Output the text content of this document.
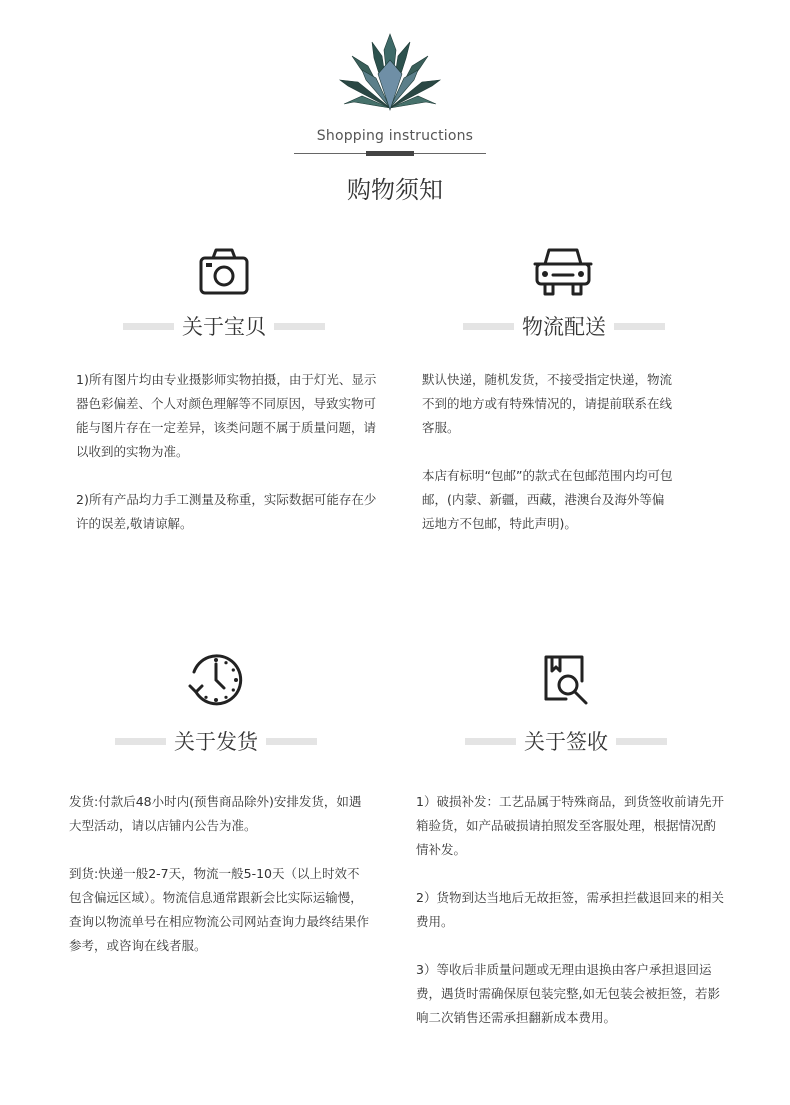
Shopping instructions
购物须知
关于宝贝

1)所有图片均由专业摄影师实物拍摄，由于灯光、显示器色彩偏差、个人对颜色理解等不同原因，导致实物可能与图片存在一定差异，该类问题不属于质量问题，请以收到的实物为准。

2)所有产品均力手工测量及称重，实际数据可能存在少许的误差,敬请谅解。

物流配送

默认快递，随机发货，不接受指定快递，物流不到的地方或有特殊情况的，请提前联系在线客服。

本店有标明“包邮”的款式在包邮范围内均可包邮，(内蒙、新疆，西藏，港澳台及海外等偏远地方不包邮，特此声明)。

关于发货

发货:付款后48小时内(预售商品除外)安排发货，如遇大型活动，请以店铺内公告为准。

到货:快递一般2-7天，物流一般5-10天（以上时效不包含偏远区域）。物流信息通常跟新会比实际运输慢，查询以物流单号在相应物流公司网站查询力最终结果作参考，或咨询在线者服。

关于签收

1）破损补发：工艺品属于特殊商品，到货签收前请先开箱验货，如产品破损请拍照发至客服处理，根据情况酌情补发。

2）货物到达当地后无故拒签，需承担拦截退回来的相关费用。

3）等收后非质量问题或无理由退换由客户承担退回运费，遇货时需确保原包装完整,如无包装会被拒签，若影响二次销售还需承担翻新成本费用。
